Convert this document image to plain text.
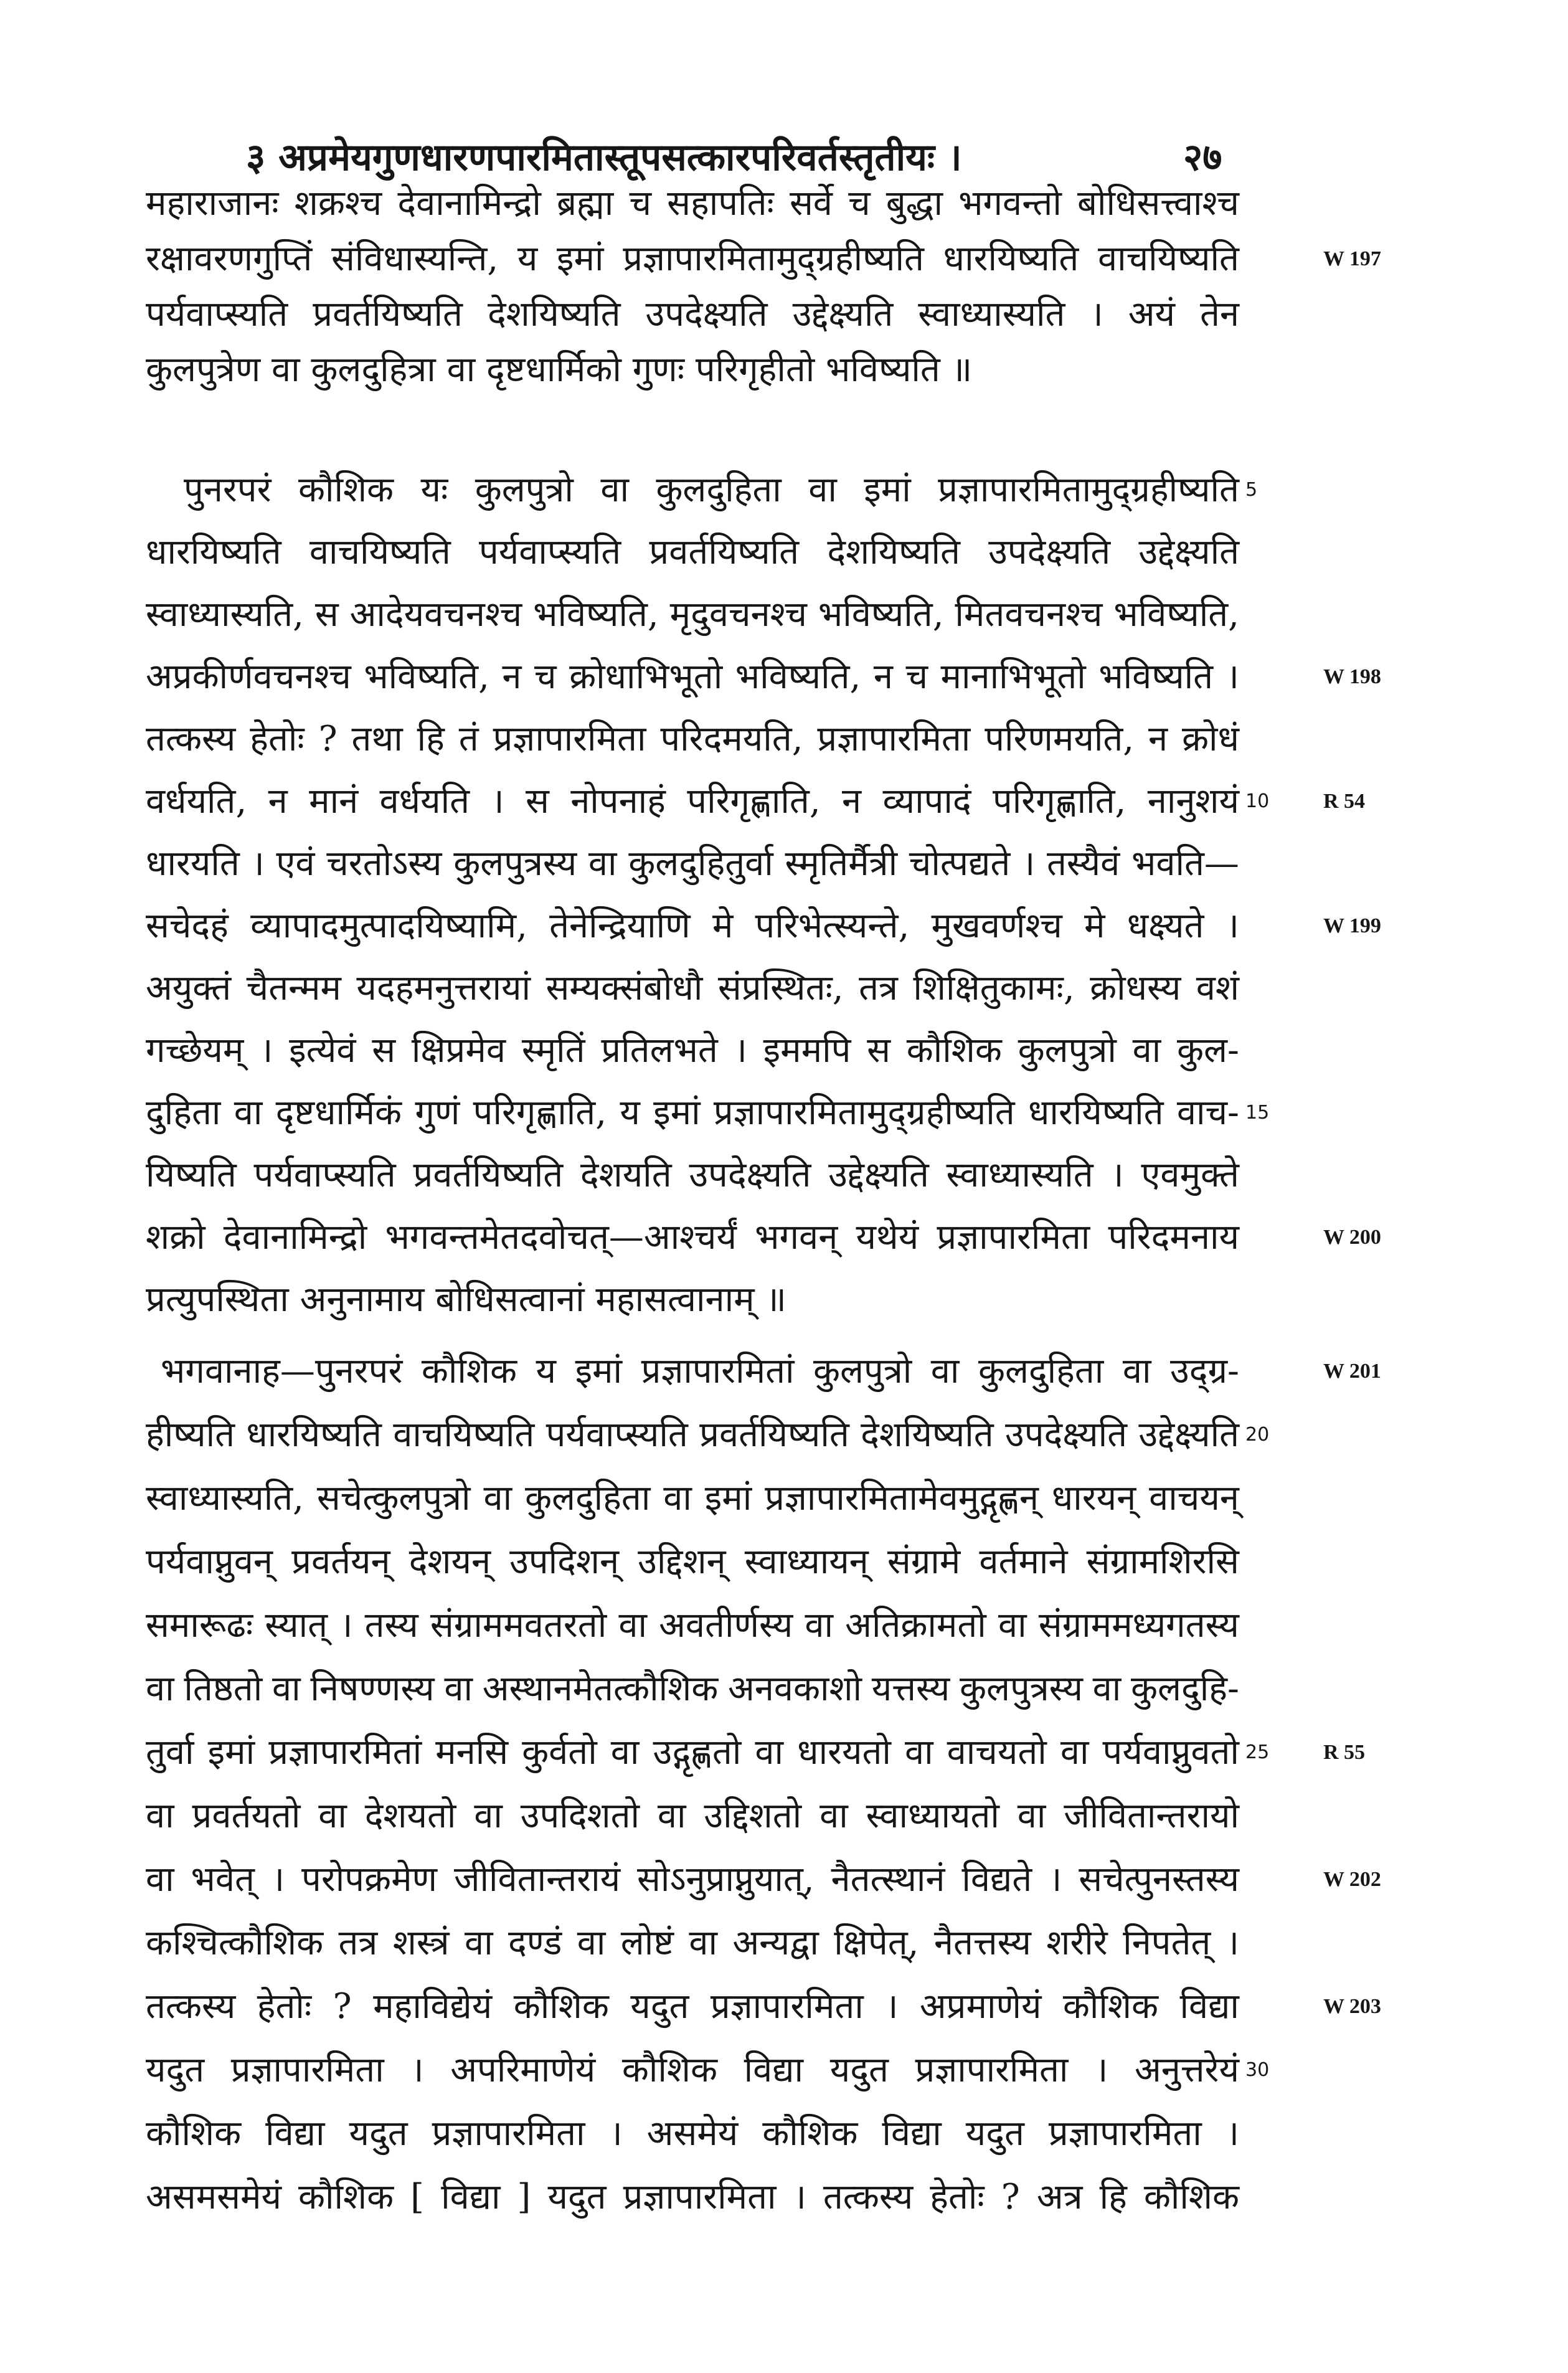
३ अप्रमेयगुणधारणपारमितास्तूपसत्कारपरिवर्तस्तृतीयः ।	२७
महाराजानः शक्रश्च देवानामिन्द्रो ब्रह्मा च सहापतिः सर्वे च बुद्धा भगवन्तो बोधिसत्त्वाश्च
रक्षावरणगुप्तिं संविधास्यन्ति, य इमां प्रज्ञापारमितामुद्ग्रहीष्यति धारयिष्यति वाचयिष्यति	W 197
पर्यवाप्स्यति प्रवर्तयिष्यति देशयिष्यति उपदेक्ष्यति उद्देक्ष्यति स्वाध्यास्यति । अयं तेन
कुलपुत्रेण वा कुलदुहित्रा वा दृष्टधार्मिको गुणः परिगृहीतो भविष्यति ॥
पुनरपरं कौशिक यः कुलपुत्रो वा कुलदुहिता वा इमां प्रज्ञापारमितामुद्ग्रहीष्यति 5
धारयिष्यति वाचयिष्यति पर्यवाप्स्यति प्रवर्तयिष्यति देशयिष्यति उपदेक्ष्यति उद्देक्ष्यति
स्वाध्यास्यति, स आदेयवचनश्च भविष्यति, मृदुवचनश्च भविष्यति, मितवचनश्च भविष्यति,
अप्रकीर्णवचनश्च भविष्यति, न च क्रोधाभिभूतो भविष्यति, न च मानाभिभूतो भविष्यति ।	W 198
तत्कस्य हेतोः ? तथा हि तं प्रज्ञापारमिता परिदमयति, प्रज्ञापारमिता परिणमयति, न क्रोधं
वर्धयति, न मानं वर्धयति । स नोपनाहं परिगृह्णाति, न व्यापादं परिगृह्णाति, नानुशयं 10	R 54
धारयति । एवं चरतोऽस्य कुलपुत्रस्य वा कुलदुहितुर्वा स्मृतिर्मैत्री चोत्पद्यते । तस्यैवं भवति—
सचेदहं व्यापादमुत्पादयिष्यामि, तेनेन्द्रियाणि मे परिभेत्स्यन्ते, मुखवर्णश्च मे धक्ष्यते ।	W 199
अयुक्तं चैतन्मम यदहमनुत्तरायां सम्यक्संबोधौ संप्रस्थितः, तत्र शिक्षितुकामः, क्रोधस्य वशं
गच्छेयम् । इत्येवं स क्षिप्रमेव स्मृतिं प्रतिलभते । इममपि स कौशिक कुलपुत्रो वा कुल-
दुहिता वा दृष्टधार्मिकं गुणं परिगृह्णाति, य इमां प्रज्ञापारमितामुद्ग्रहीष्यति धारयिष्यति वाच- 15
यिष्यति पर्यवाप्स्यति प्रवर्तयिष्यति देशयति उपदेक्ष्यति उद्देक्ष्यति स्वाध्यास्यति । एवमुक्ते
शक्रो देवानामिन्द्रो भगवन्तमेतदवोचत्—आश्चर्यं भगवन् यथेयं प्रज्ञापारमिता परिदमनाय	W 200
प्रत्युपस्थिता अनुनामाय बोधिसत्वानां महासत्वानाम् ॥
भगवानाह—पुनरपरं कौशिक य इमां प्रज्ञापारमितां कुलपुत्रो वा कुलदुहिता वा उद्ग्र-	W 201
हीष्यति धारयिष्यति वाचयिष्यति पर्यवाप्स्यति प्रवर्तयिष्यति देशयिष्यति उपदेक्ष्यति उद्देक्ष्यति 20
स्वाध्यास्यति, सचेत्कुलपुत्रो वा कुलदुहिता वा इमां प्रज्ञापारमितामेवमुद्गृह्णन् धारयन् वाचयन्
पर्यवाप्नुवन् प्रवर्तयन् देशयन् उपदिशन् उद्दिशन् स्वाध्यायन् संग्रामे वर्तमाने संग्रामशिरसि
समारूढः स्यात् । तस्य संग्राममवतरतो वा अवतीर्णस्य वा अतिक्रामतो वा संग्राममध्यगतस्य
वा तिष्ठतो वा निषण्णस्य वा अस्थानमेतत्कौशिक अनवकाशो यत्तस्य कुलपुत्रस्य वा कुलदुहि-
तुर्वा इमां प्रज्ञापारमितां मनसि कुर्वतो वा उद्गृह्णतो वा धारयतो वा वाचयतो वा पर्यवाप्नुवतो 25	R 55
वा प्रवर्तयतो वा देशयतो वा उपदिशतो वा उद्दिशतो वा स्वाध्यायतो वा जीवितान्तरायो
वा भवेत् । परोपक्रमेण जीवितान्तरायं सोऽनुप्राप्नुयात्, नैतत्स्थानं विद्यते । सचेत्पुनस्तस्य	W 202
कश्चित्कौशिक तत्र शस्त्रं वा दण्डं वा लोष्टं वा अन्यद्वा क्षिपेत्, नैतत्तस्य शरीरे निपतेत् ।
तत्कस्य हेतोः ? महाविद्येयं कौशिक यदुत प्रज्ञापारमिता । अप्रमाणेयं कौशिक विद्या	W 203
यदुत प्रज्ञापारमिता । अपरिमाणेयं कौशिक विद्या यदुत प्रज्ञापारमिता । अनुत्तरेयं 30
कौशिक विद्या यदुत प्रज्ञापारमिता । असमेयं कौशिक विद्या यदुत प्रज्ञापारमिता ।
असमसमेयं कौशिक [ विद्या ] यदुत प्रज्ञापारमिता । तत्कस्य हेतोः ? अत्र हि कौशिक
